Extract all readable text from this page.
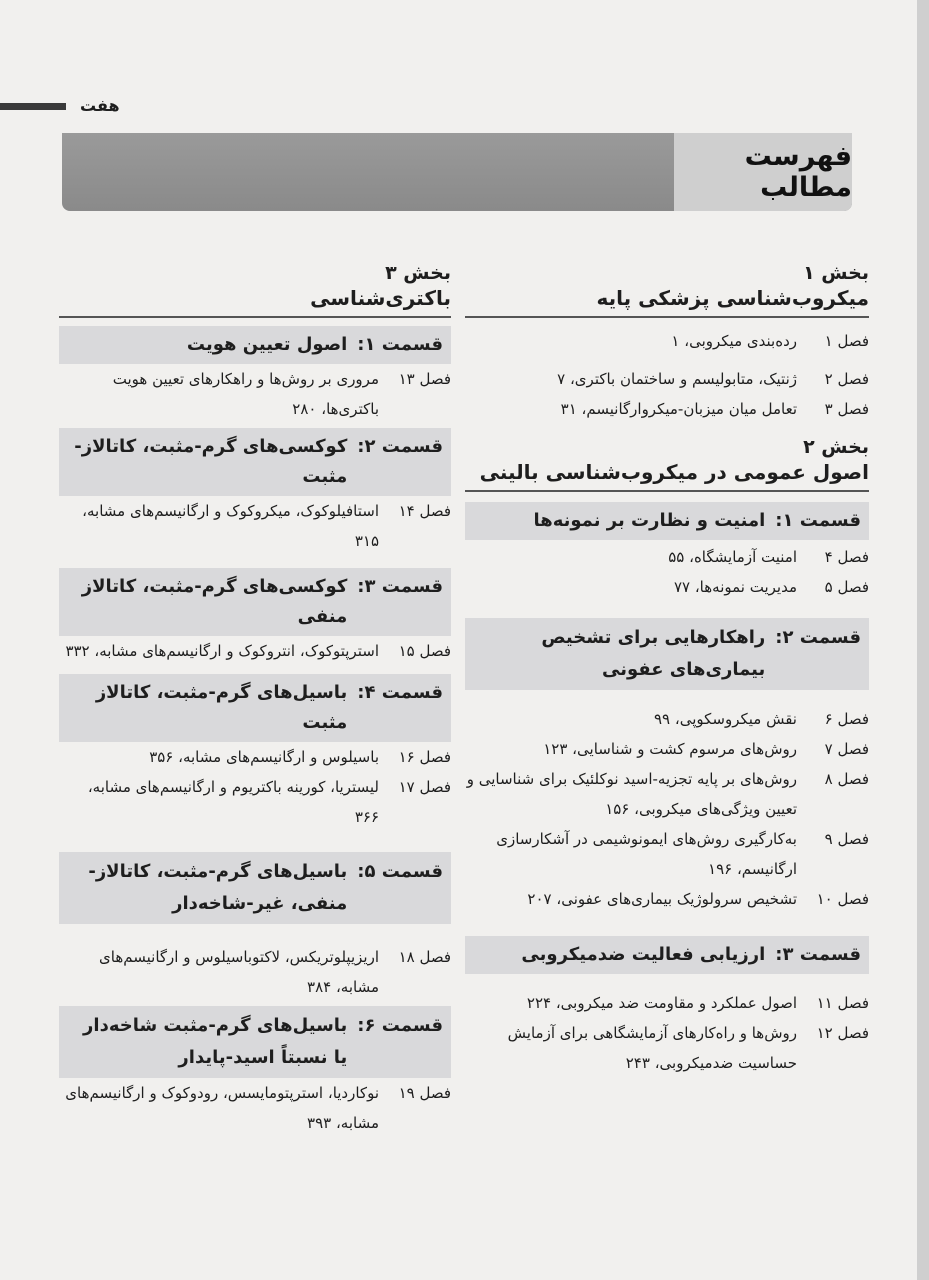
هفت
فهرست مطالب
بخش ۱
میکروب‌شناسی پزشکی پایه
فصل ۱
رده‌بندی میکروبی، ۱
فصل ۲
ژنتیک، متابولیسم و ساختمان باکتری، ۷
فصل ۳
تعامل میان میزبان-میکروارگانیسم، ۳۱
بخش ۲
اصول عمومی در میکروب‌شناسی بالینی
قسمت ۱:
امنیت و نظارت بر نمونه‌ها
فصل ۴
امنیت آزمایشگاه، ۵۵
فصل ۵
مدیریت نمونه‌ها، ۷۷
قسمت ۲:
راهکارهایی برای تشخیص بیماری‌های عفونی
فصل ۶
نقش میکروسکوپی، ۹۹
فصل ۷
روش‌های مرسوم کشت و شناسایی، ۱۲۳
فصل ۸
روش‌های بر پایه تجزیه-اسید نوکلئیک برای شناسایی و تعیین ویژگی‌های میکروبی، ۱۵۶
فصل ۹
به‌کارگیری روش‌های ایمونوشیمی در آشکارسازی ارگانیسم، ۱۹۶
فصل ۱۰
تشخیص سرولوژیک بیماری‌های عفونی، ۲۰۷
قسمت ۳:
ارزیابی فعالیت ضدمیکروبی
فصل ۱۱
اصول عملکرد و مقاومت ضد میکروبی، ۲۲۴
فصل ۱۲
روش‌ها و راه‌کارهای آزمایشگاهی برای آزمایش حساسیت ضدمیکروبی، ۲۴۳
بخش ۳
باکتری‌شناسی
قسمت ۱:
اصول تعیین هویت
فصل ۱۳
مروری بر روش‌ها و راهکارهای تعیین هویت باکتری‌ها، ۲۸۰
قسمت ۲:
کوکسی‌های گرم-مثبت، کاتالاز-مثبت
فصل ۱۴
استافیلوکوک، میکروکوک و ارگانیسم‌های مشابه، ۳۱۵
قسمت ۳:
کوکسی‌های گرم-مثبت، کاتالاز منفی
فصل ۱۵
استرپتوکوک، انتروکوک و ارگانیسم‌های مشابه، ۳۳۲
قسمت ۴:
باسیل‌های گرم-مثبت، کاتالاز مثبت
فصل ۱۶
باسیلوس و ارگانیسم‌های مشابه، ۳۵۶
فصل ۱۷
لیستریا، کورینه باکتریوم و ارگانیسم‌های مشابه، ۳۶۶
قسمت ۵:
باسیل‌های گرم-مثبت، کاتالاز-منفی، غیر-شاخه‌دار
فصل ۱۸
اریزیپلوتریکس، لاکتوباسیلوس و ارگانیسم‌های مشابه، ۳۸۴
قسمت ۶:
باسیل‌های گرم-مثبت شاخه‌دار یا نسبتاً اسید-پایدار
فصل ۱۹
نوکاردیا، استرپتومایسس، رودوکوک و ارگانیسم‌های مشابه، ۳۹۳
